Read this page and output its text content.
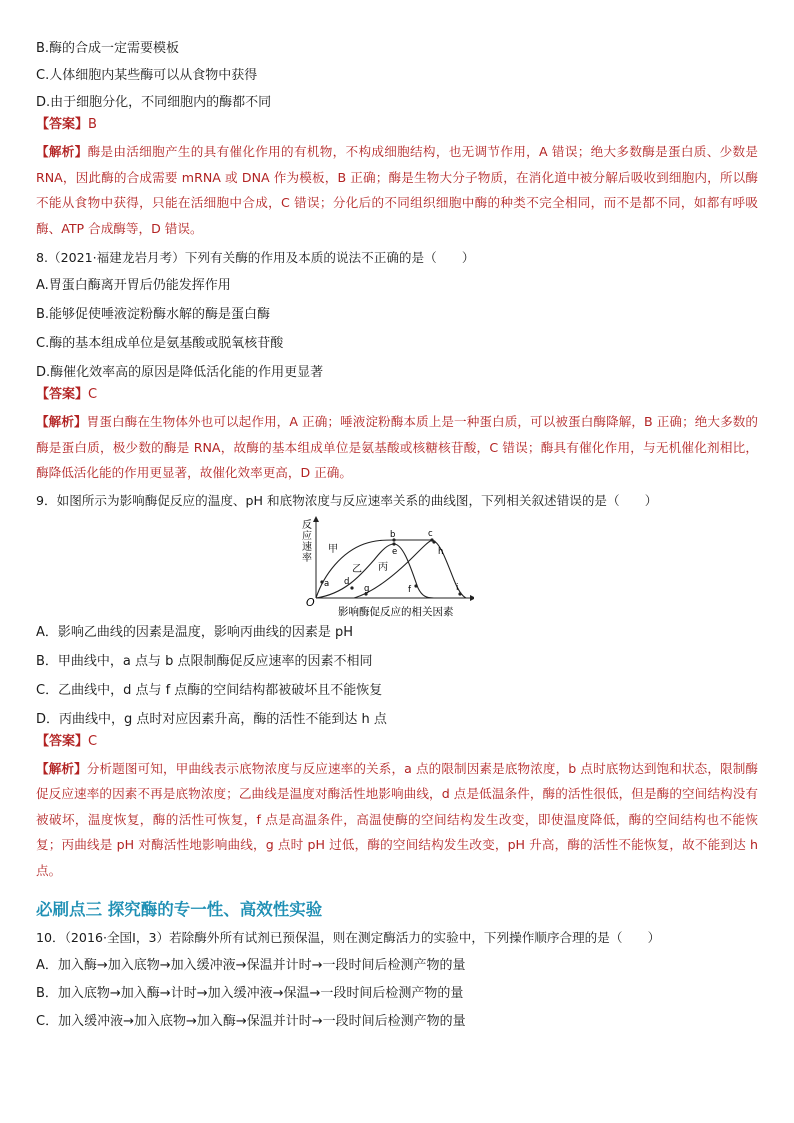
B.酶的合成一定需要模板

C.人体细胞内某些酶可以从食物中获得

D.由于细胞分化，不同细胞内的酶都不同

【答案】B

【解析】酶是由活细胞产生的具有催化作用的有机物，不构成细胞结构，也无调节作用，A 错误；绝大多数酶是蛋白质、少数是 RNA，因此酶的合成需要 mRNA 或 DNA 作为模板，B 正确；酶是生物大分子物质，在消化道中被分解后吸收到细胞内，所以酶不能从食物中获得，只能在活细胞中合成，C 错误；分化后的不同组织细胞中酶的种类不完全相同，而不是都不同，如都有呼吸酶、ATP 合成酶等，D 错误。

8.（2021·福建龙岩月考）下列有关酶的作用及本质的说法不正确的是（　　）

A.胃蛋白酶离开胃后仍能发挥作用

B.能够促使唾液淀粉酶水解的酶是蛋白酶

C.酶的基本组成单位是氨基酸或脱氧核苷酸

D.酶催化效率高的原因是降低活化能的作用更显著

【答案】C

【解析】胃蛋白酶在生物体外也可以起作用，A 正确；唾液淀粉酶本质上是一种蛋白质，可以被蛋白酶降解，B 正确；绝大多数的酶是蛋白质，极少数的酶是 RNA，故酶的基本组成单位是氨基酸或核糖核苷酸，C 错误；酶具有催化作用，与无机催化剂相比，酶降低活化能的作用更显著，故催化效率更高，D 正确。

9．如图所示为影响酶促反应的温度、pH 和底物浓度与反应速率关系的曲线图，下列相关叙述错误的是（　　）

反应速率
O
影响酶促反应的相关因素
甲
乙 丙
a
b	c
d
e
f
g
h
i

A．影响乙曲线的因素是温度，影响丙曲线的因素是 pH

B．甲曲线中，a 点与 b 点限制酶促反应速率的因素不相同

C．乙曲线中，d 点与 f 点酶的空间结构都被破坏且不能恢复

D．丙曲线中，g 点时对应因素升高，酶的活性不能到达 h 点

【答案】C

【解析】分析题图可知，甲曲线表示底物浓度与反应速率的关系，a 点的限制因素是底物浓度，b 点时底物达到饱和状态，限制酶促反应速率的因素不再是底物浓度；乙曲线是温度对酶活性地影响曲线，d 点是低温条件，酶的活性很低，但是酶的空间结构没有被破坏，温度恢复，酶的活性可恢复，f 点是高温条件，高温使酶的空间结构发生改变，即使温度降低，酶的空间结构也不能恢复；丙曲线是 pH 对酶活性地影响曲线，g 点时 pH 过低，酶的空间结构发生改变，pH 升高，酶的活性不能恢复，故不能到达 h 点。

必刷点三 探究酶的专一性、高效性实验

10．（2016·全国Ⅰ，3）若除酶外所有试剂已预保温，则在测定酶活力的实验中，下列操作顺序合理的是（　　）

A．加入酶→加入底物→加入缓冲液→保温并计时→一段时间后检测产物的量

B．加入底物→加入酶→计时→加入缓冲液→保温→一段时间后检测产物的量

C．加入缓冲液→加入底物→加入酶→保温并计时→一段时间后检测产物的量
